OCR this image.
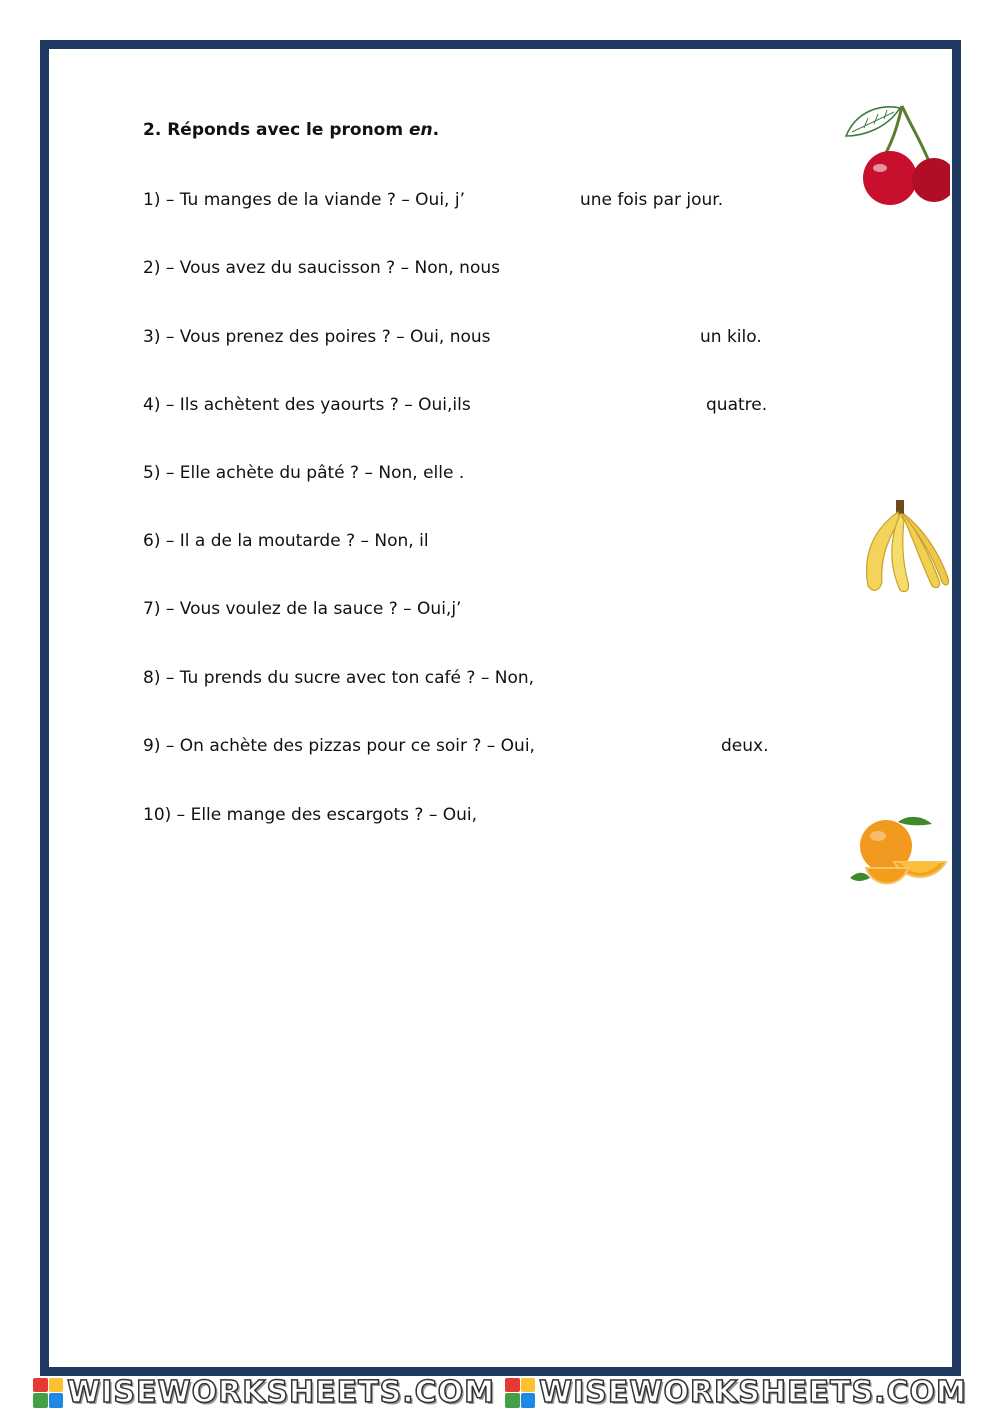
2. Réponds avec le pronom en.
1) – Tu manges de la viande ? – Oui, j’	une fois par jour.
2) – Vous avez du saucisson ? – Non, nous
3) – Vous prenez des poires ? – Oui, nous	un kilo.
4) – Ils achètent des yaourts ? – Oui,ils	quatre.
5) – Elle achète du pâté ? – Non, elle .
6) – Il a de la moutarde ? – Non, il
7) – Vous voulez de la sauce ? – Oui,j’
8) – Tu prends du sucre avec ton café ? – Non,
9) – On achète des pizzas pour ce soir ? – Oui,	deux.
10) – Elle mange des escargots ? – Oui,
WISEWORKSHEETS.COM WISEWORKSHEETS.COM
